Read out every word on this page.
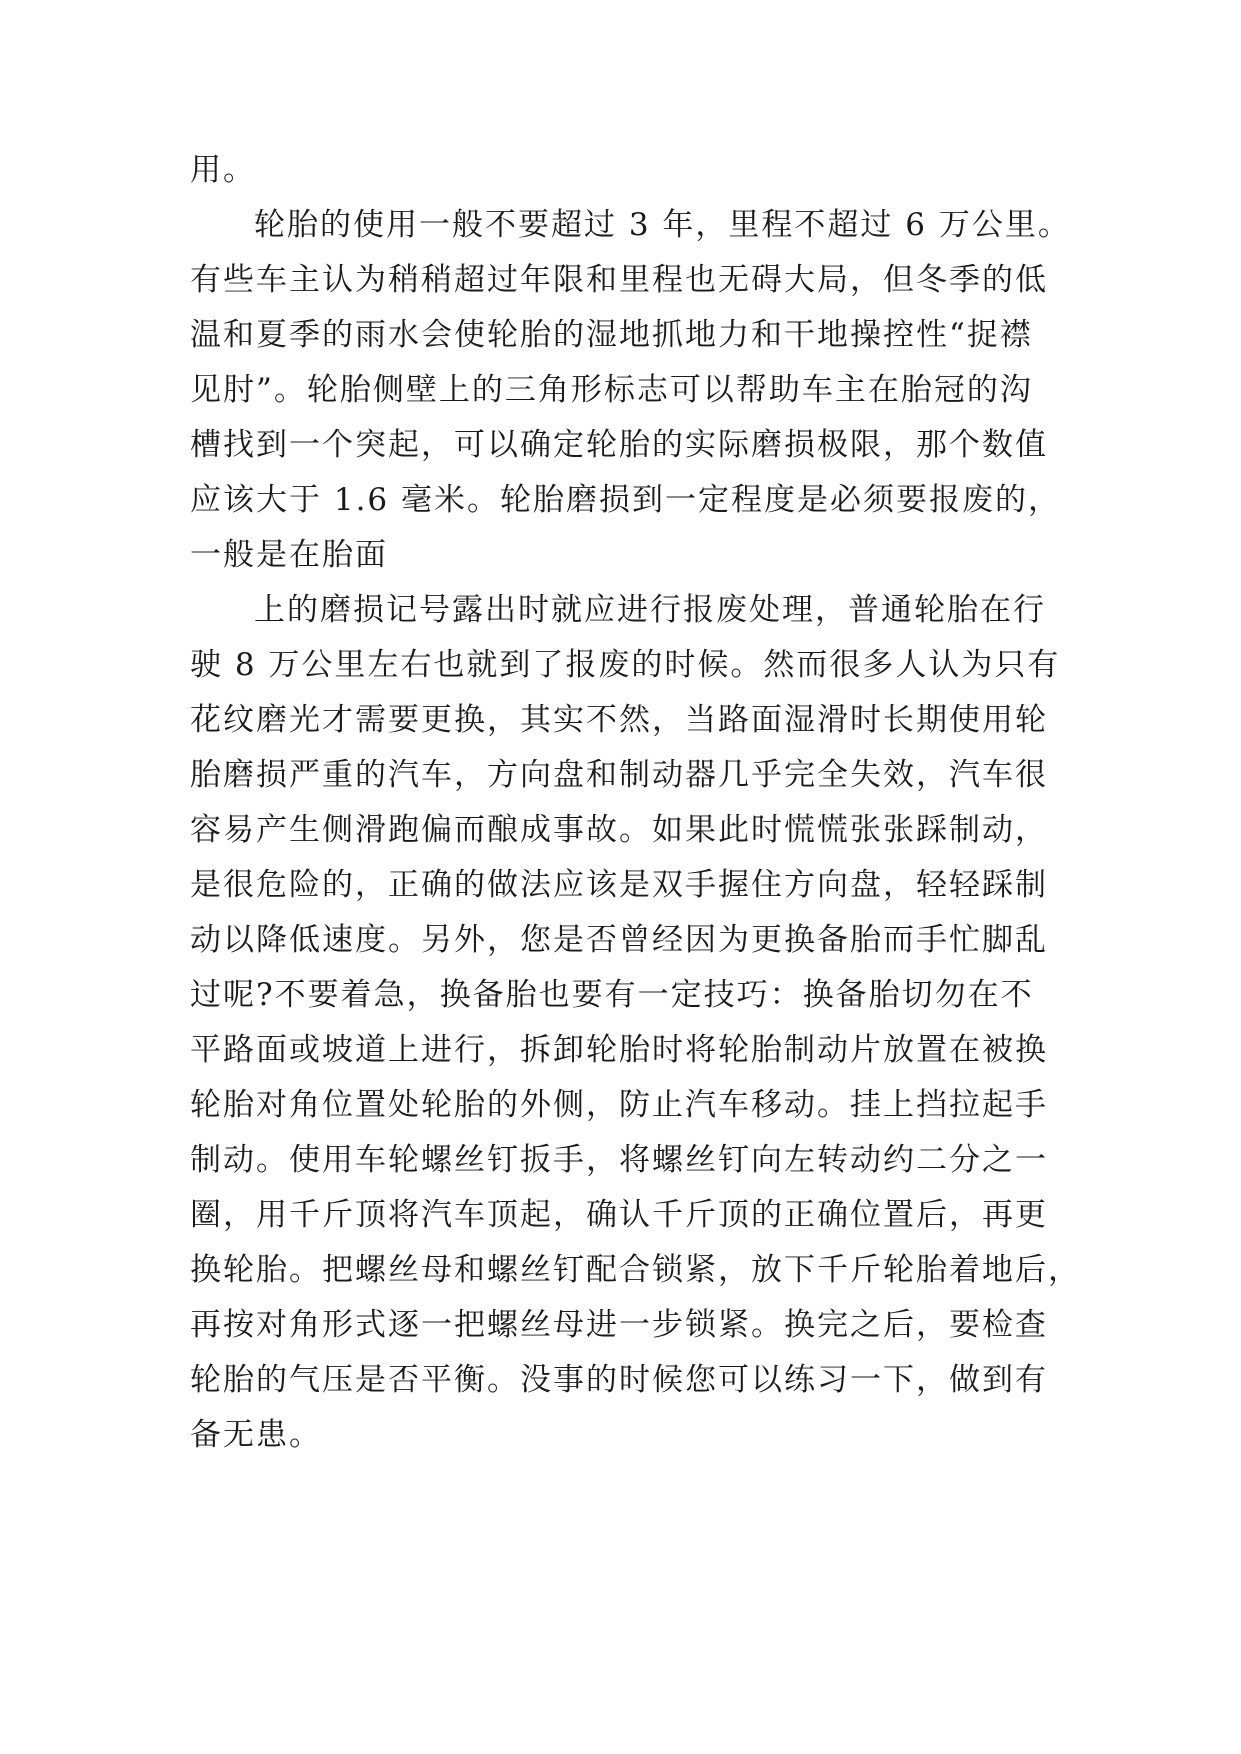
用。

轮胎的使用一般不要超过 3 年，里程不超过 6 万公里。

有些车主认为稍稍超过年限和里程也无碍大局，但冬季的低

温和夏季的雨水会使轮胎的湿地抓地力和干地操控性“捉襟

见肘”。轮胎侧壁上的三角形标志可以帮助车主在胎冠的沟

槽找到一个突起，可以确定轮胎的实际磨损极限，那个数值

应该大于 1.6 毫米。轮胎磨损到一定程度是必须要报废的，

一般是在胎面

上的磨损记号露出时就应进行报废处理，普通轮胎在行

驶 8 万公里左右也就到了报废的时候。然而很多人认为只有

花纹磨光才需要更换，其实不然，当路面湿滑时长期使用轮

胎磨损严重的汽车，方向盘和制动器几乎完全失效，汽车很

容易产生侧滑跑偏而酿成事故。如果此时慌慌张张踩制动，

是很危险的，正确的做法应该是双手握住方向盘，轻轻踩制

动以降低速度。另外，您是否曾经因为更换备胎而手忙脚乱

过呢?不要着急，换备胎也要有一定技巧：换备胎切勿在不

平路面或坡道上进行，拆卸轮胎时将轮胎制动片放置在被换

轮胎对角位置处轮胎的外侧，防止汽车移动。挂上挡拉起手

制动。使用车轮螺丝钉扳手，将螺丝钉向左转动约二分之一

圈，用千斤顶将汽车顶起，确认千斤顶的正确位置后，再更

换轮胎。把螺丝母和螺丝钉配合锁紧，放下千斤轮胎着地后，

再按对角形式逐一把螺丝母进一步锁紧。换完之后，要检查

轮胎的气压是否平衡。没事的时候您可以练习一下，做到有

备无患。
